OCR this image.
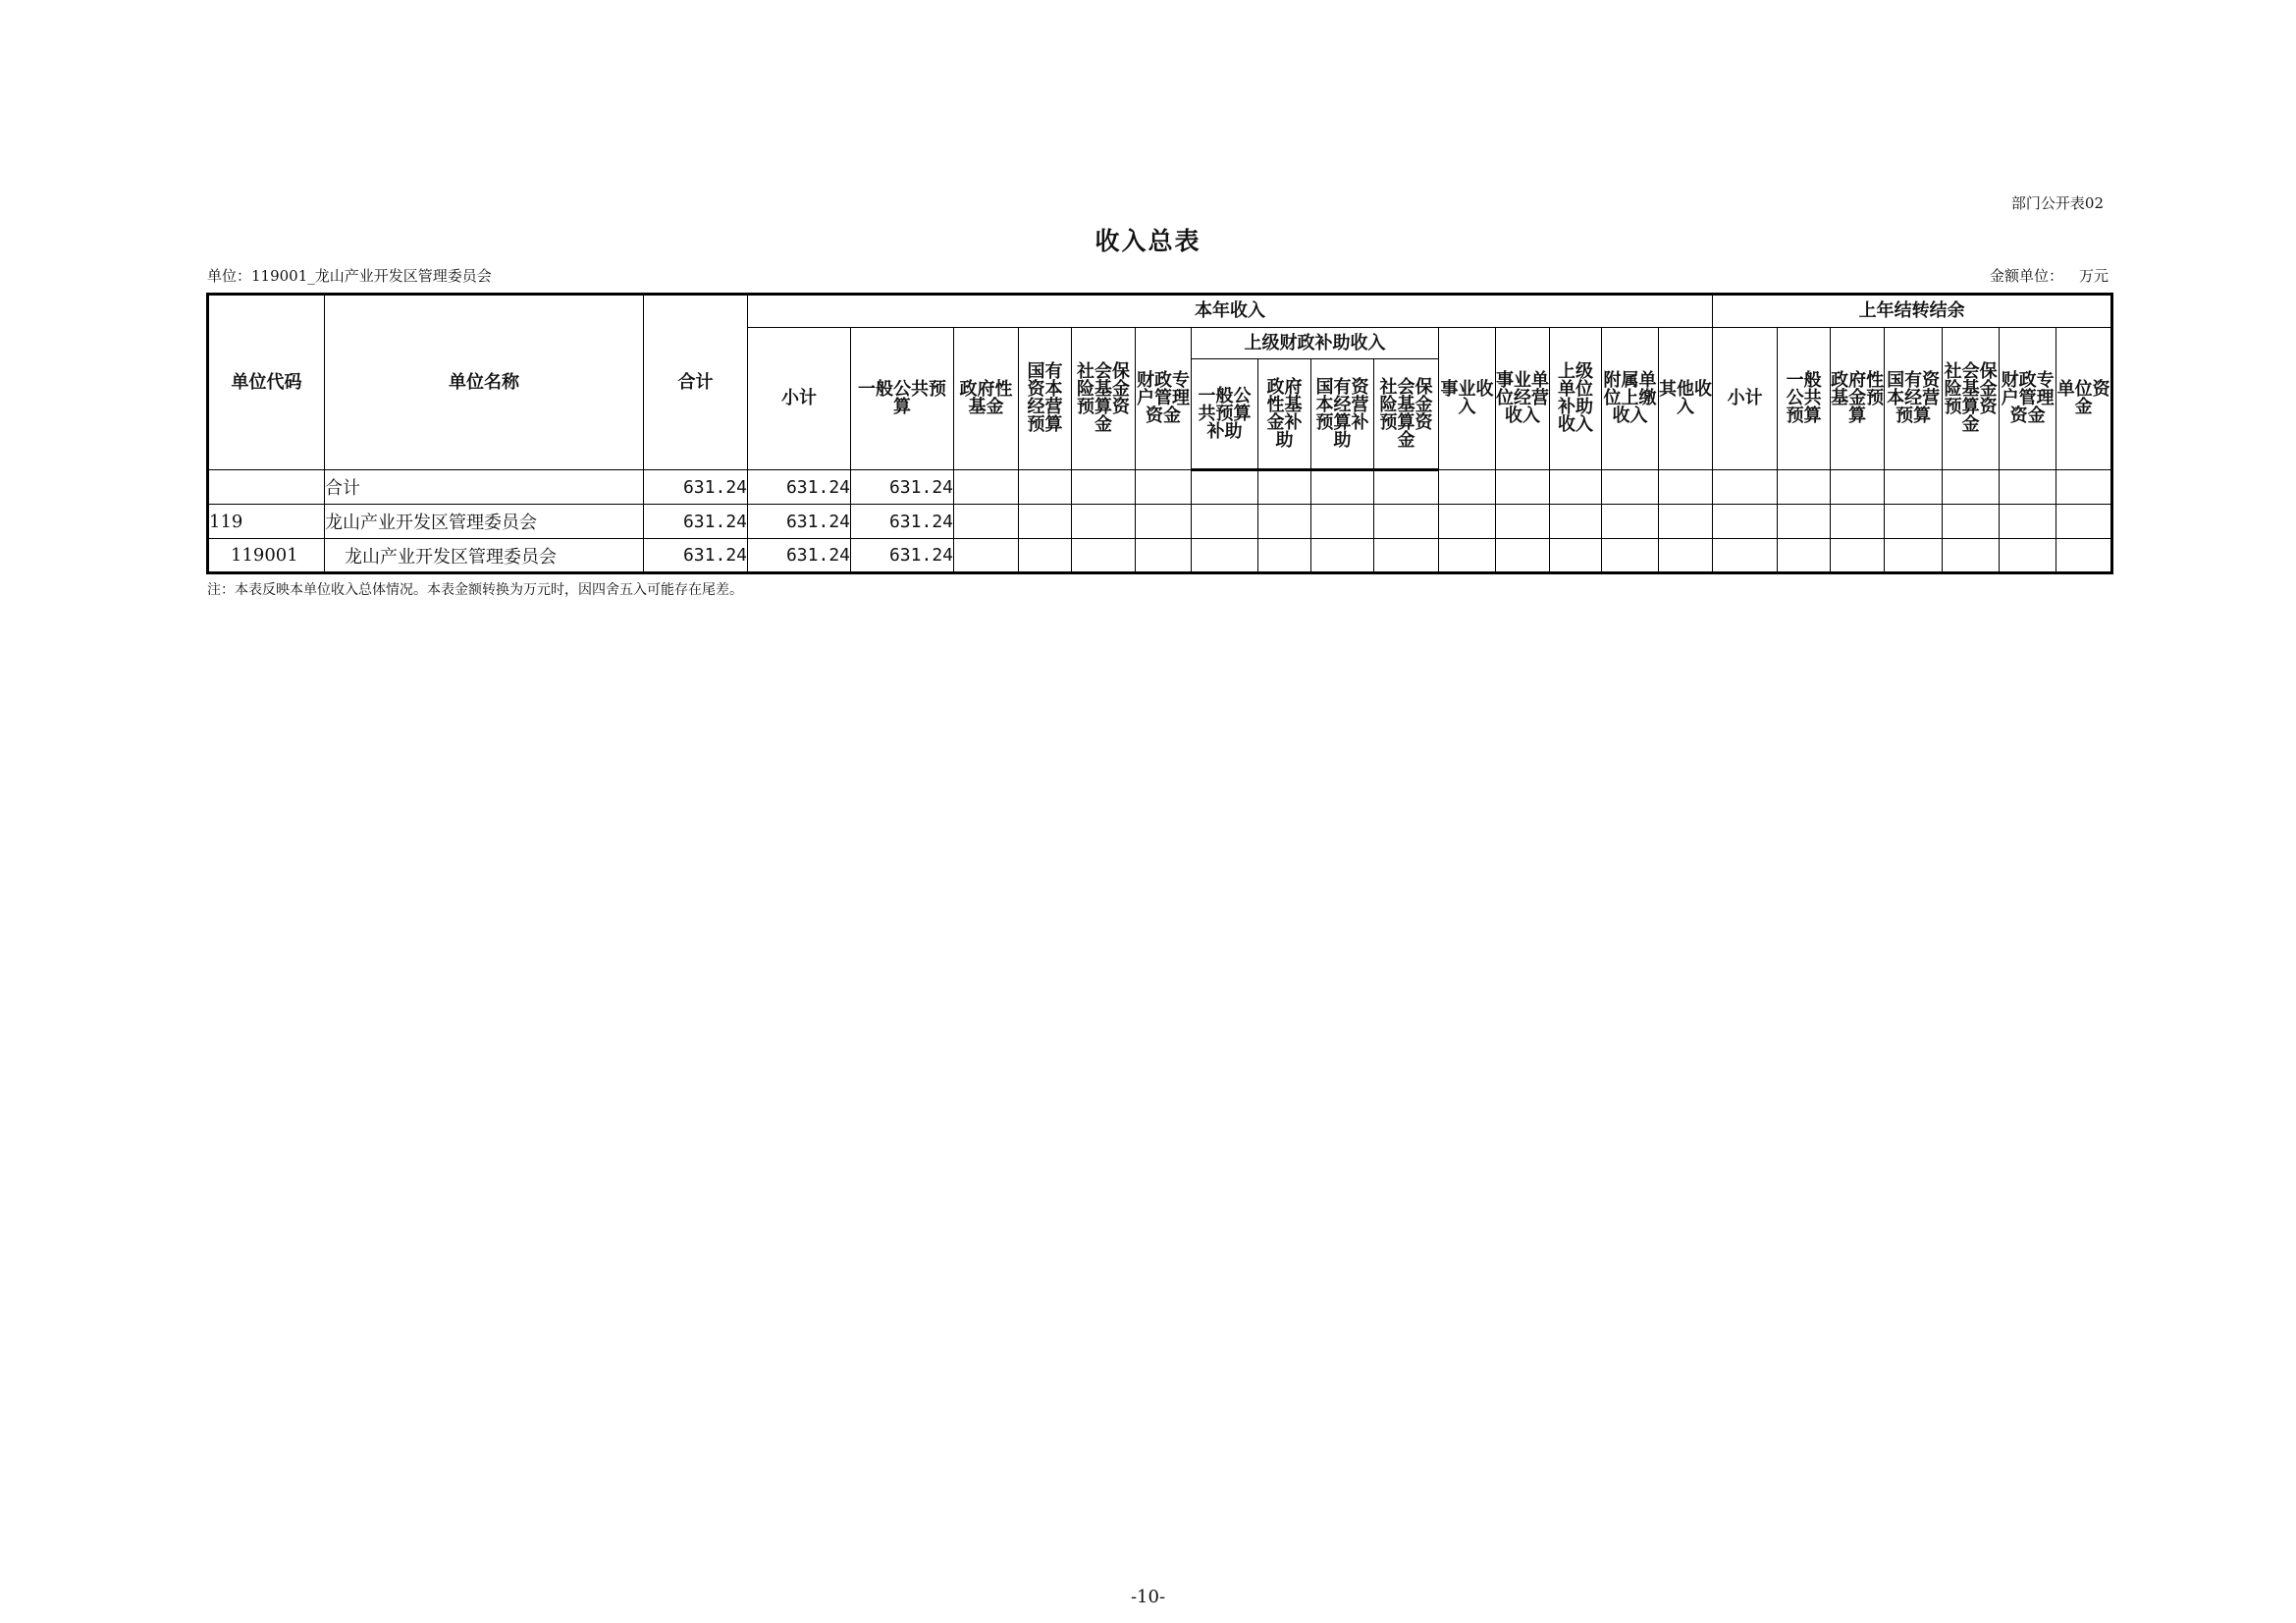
部门公开表02
收入总表
单位：119001_龙山产业开发区管理委员会	金额单位： 万元
单位代码	单位名称	合计	本年收入															上年结转结余						
			小计	一般公共预算	政府性基金	国有资本经营预算	社会保险基金预算资金	财政专户管理资金	上级财政补助收入				事业收入	事业单位经营收入	上级单位补助收入	附属单位上缴收入	其他收入	小计	一般公共预算	政府性基金预算	国有资本经营预算	社会保险基金预算资金	财政专户管理资金	单位资金
									一般公共预算补助	政府性基金补助	国有资本经营预算补助	社会保险基金预算资金												
	合计	631.24	631.24	631.24																				
119	龙山产业开发区管理委员会	631.24	631.24	631.24																				
119001	龙山产业开发区管理委员会	631.24	631.24	631.24																				
注：本表反映本单位收入总体情况。本表金额转换为万元时，因四舍五入可能存在尾差。
-10-
